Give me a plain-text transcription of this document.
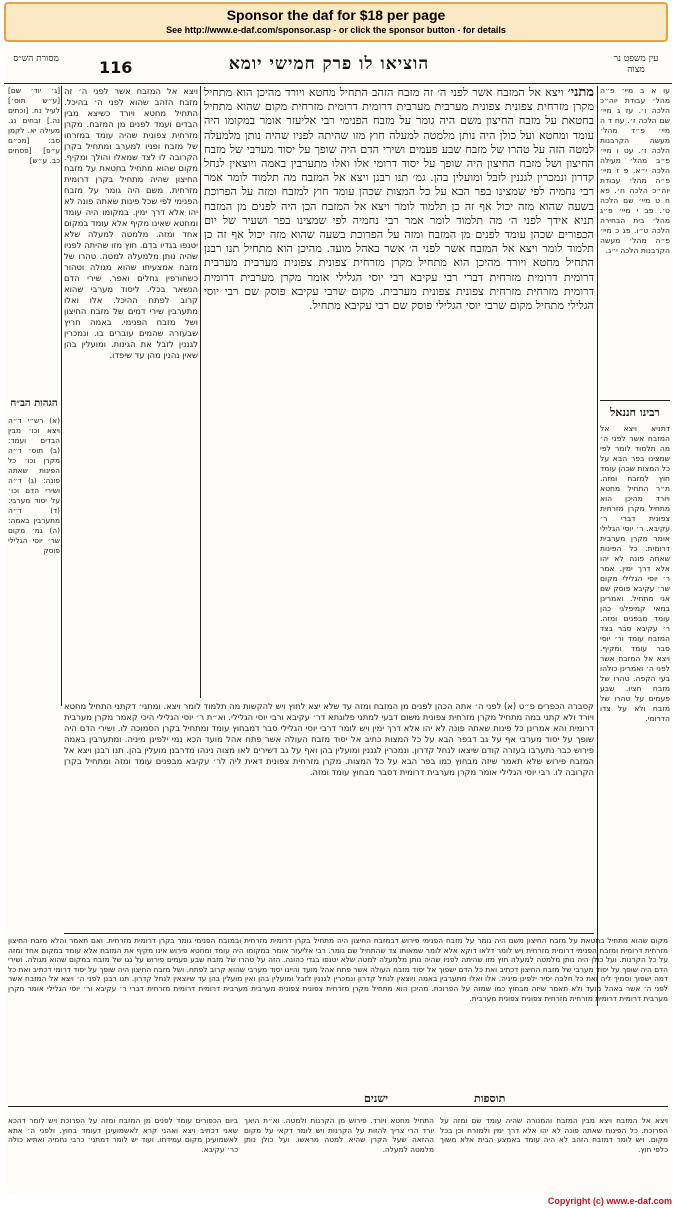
Sponsor the daf for $18 per page
See http://www.e-daf.com/sponsor.asp - or click the sponsor button - for details
מסורת הש״ס	116	הוציאו לו פרק חמישי יומא	עין משפט נר מצוה

עו א ב מיי׳ פ״ה מהל׳ עבודת יוה״כ הלכה ו׳. עז ג מיי׳ שם הלכה ז׳. עח ד ה מיי׳ פ״ד מהל׳ מעשה הקרבנות הלכה ז׳. עט ו מיי׳ פ״ב מהל׳ מעילה הלכה י״א. פ ז מיי׳ פ״ה מהל׳ עבודת יוה״כ הלכה ח׳. פא ח ט מיי׳ שם הלכה ט׳. פב י מיי׳ פ״ג מהל׳ בית הבחירה הלכה ט״ו. פג כ מיי׳ פ״ה מהל׳ מעשה הקרבנות הלכה י״ג.

רבינו חננאל

דתניא ויצא אל המזבח אשר לפני ה׳ מה תלמוד לומר לפי שמצינו בפר הבא על כל המצות שכהן עומד חוץ למזבח ומזה. ת״ר התחיל מחטא ויורד מהיכן הוא מתחיל מקרן מזרחית צפונית דברי ר׳ עקיבא. ר׳ יוסי הגלילי אומר מקרן מערבית דרומית. כל הפינות שאתה פונה לא יהו אלא דרך ימין. אמר ר׳ יוסי הגלילי מקום שר׳ עקיבא פוסק שם אני מתחיל. ואמרינן במאי קמיפלגי כהן עומד מבפנים ומזה. ר׳ עקיבא סבר בצד המזבח עומד ור׳ יוסי סבר עומד ומקיף. ויצא אל המזבח אשר לפני ה׳ ואמרינן כולהו בעי הקפה. טהרו של מזבח חציו. שבע פעמים על טהרו של מזבח ולא על צדו הדרומי.

מתני׳ ויצא אל המזבח אשר לפני ה׳ זה מזבח הזהב התחיל מחטא ויורד מהיכן הוא מתחיל מקרן מזרחית צפונית צפונית מערבית מערבית דרומית דרומית מזרחית מקום שהוא מתחיל בחטאת על מזבח החיצון משם היה גומר על מזבח הפנימי רבי אליעזר אומר במקומו היה עומד ומחטא ועל כולן היה נותן מלמטה למעלה חוץ מזו שהיתה לפניו שהיה נותן מלמעלה למטה הזה על טהרו של מזבח שבע פעמים ושירי הדם היה שופך על יסוד מערבי של מזבח החיצון ושל מזבח החיצון היה שופך על יסוד דרומי אלו ואלו מתערבין באמה ויוצאין לנחל קדרון ונמכרין לגננין לזבל ומועלין בהן. גמ׳ תנו רבנן ויצא אל המזבח מה תלמוד לומר אמר רבי נחמיה לפי שמצינו בפר הבא על כל המצות שכהן עומד חוץ למזבח ומזה על הפרוכת בשעה שהוא מזה יכול אף זה כן תלמוד לומר ויצא אל המזבח הכן היה לפנים מן המזבח תניא אידך לפני ה׳ מה תלמוד לומר אמר רבי נחמיה לפי שמצינו בפר ושעיר של יום הכפורים שכהן עומד לפנים מן המזבח ומזה על הפרוכת בשעה שהוא מזה יכול אף זה כן תלמוד לומר ויצא אל המזבח אשר לפני ה׳ אשר באהל מועד. מהיכן הוא מתחיל תנו רבנן התחיל מחטא ויורד מהיכן הוא מתחיל מקרן מזרחית צפונית צפונית מערבית מערבית דרומית דרומית מזרחית דברי רבי עקיבא רבי יוסי הגלילי אומר מקרן מערבית דרומית דרומית מזרחית מזרחית צפונית צפונית מערבית. מקום שרבי עקיבא פוסק שם רבי יוסי הגלילי מתחיל מקום שרבי יוסי הגלילי פוסק שם רבי עקיבא מתחיל.

ויצא אל המזבח אשר לפני ה׳ זה מזבח הזהב שהוא לפני ה׳ בהיכל. התחיל מחטא ויורד כשיצא מבין הבדים ועמד לפנים מן המזבח. מקרן מזרחית צפונית שהיה עומד במזרחו של מזבח ופניו למערב ומתחיל בקרן הקרובה לו לצד שמאלו והולך ומקיף. מקום שהוא מתחיל בחטאת על מזבח החיצון שהיה מתחיל בקרן דרומית מזרחית. משם היה גומר על מזבח הפנימי לפי שכל פינות שאתה פונה לא יהו אלא דרך ימין. במקומו היה עומד ומחטא שאינו מקיף אלא עומד במקום אחד ומזה. מלמטה למעלה שלא יטנפו בגדיו בדם. חוץ מזו שהיתה לפניו שהיה נותן מלמעלה למטה. טהרו של מזבח אמצעיתו שהוא מגולה וטהור כשחורפין גחלים ואפר. שירי הדם הנשאר בכלי. ליסוד מערבי שהוא קרוב לפתח ההיכל. אלו ואלו מתערבין שירי דמים של מזבח החיצון ושל מזבח הפנימי. באמה חריץ שבעזרה שהמים עוברים בו. ונמכרין לגננין לזבל את הגינות. ומועלין בהן שאין נהנין מהן עד שיפדו.

[ג׳ יוד׳ שם] [ע״ש תוס׳] לעיל נח. [וכתים נה.] זבחים נג. מעילה יא. לקמן סב: [מכ״ם ע״פ] [פסחים כב. ע״ש]

הגהות הב״ח

(א) רש״י ד״ה ויצא וכו׳ מבין הבדים ועמד: (ב) תוס׳ ד״ה מקרן וכו׳ כל הפינות שאתה פונה: (ג) ד״ה ושירי הדם וכו׳ על יסוד מערבי: (ד) ד״ה מתערבין באמה: (ה) גמ׳ מקום שר׳ יוסי הגלילי פוסק

קסברה הכפרים פ״ט (א) לפני ה׳ אתה הכהן לפנים מן המזבח ומזה עד שלא יצא לחוץ ויש להקשות מה תלמוד לומר ויצא. ומתני׳ דקתני התחיל מחטא ויורד ולא קתני במה מתחיל מקרן מזרחית צפונית משום דבעי למתני פלוגתא דר׳ עקיבא ורבי יוסי הגלילי. וא״ת ר׳ יוסי הגלילי היכי קאמר מקרן מערבית דרומית והא אמרינן כל פינות שאתה פונה לא יהו אלא דרך ימין ויש לומר דרבי יוסי הגלילי סבר דמבחוץ עומד ומתחיל בקרן הסמוכה לו. ושירי הדם היה שופך על יסוד מערבי אף על גב דבפר הבא על כל המצות כתיב אל יסוד מזבח העולה אשר פתח אהל מועד הכא נמי ילפינן מיניה. ומתערבין באמה פירוש כבר נתערבו בעזרה קודם שיצאו לנחל קדרון. ונמכרין לגננין ומועלין בהן ואף על גב דשירים לאו מצוה נינהו מדרבנן מועלין בהן. תנו רבנן ויצא אל המזבח פירוש שלא תאמר שיזה מבחוץ כמו בפר הבא על כל המצות. מקרן מזרחית צפונית דאית ליה לר׳ עקיבא מבפנים עומד ומזה ומתחיל בקרן הקרובה לו. רבי יוסי הגלילי אומר מקרן מערבית דרומית דסבר מבחוץ עומד ומזה.

מקום שהוא מתחיל בחטאת על מזבח החיצון משם היה גומר על מזבח הפנימי פירוש דבמזבח החיצון היה מתחיל בקרן דרומית מזרחית ובמזבח הפנימי גומר בקרן דרומית מזרחית. ואם תאמר והלא מזבח החיצון מזרחית דרומית ומזבח הפנימי דרומית מזרחית ויש לומר דלאו דוקא אלא לומר שמאותו צד שהתחיל שם גומר. רבי אליעזר אומר במקומו היה עומד ומחטא פירוש אינו מקיף את המזבח אלא עומד במקום אחד ומזה על כל הקרנות. ועל כולן היה נותן מלמטה למעלה חוץ מזו שהיתה לפניו שהיה נותן מלמעלה למטה שלא יטנפו בגדי כהונה. הזה על טהרו של מזבח שבע פעמים פירוש על גגו של מזבח במקום שהוא מגולה. ושירי הדם היה שופך על יסוד מערבי של מזבח החיצון דכתיב ואת כל הדם ישפוך אל יסוד מזבח העולה אשר פתח אהל מועד והיינו יסוד מערבי שהוא קרוב לפתח. ושל מזבח החיצון היה שופך על יסוד דרומי דכתיב ואת כל דמה ישפוך וסמיך ליה ואת כל חלבה יסיר ילפינן מיניה. אלו ואלו מתערבין באמה ויוצאין לנחל קדרון ונמכרין לגננין לזבל ומועלין בהן ואין מועלין בהן עד שיוצאין לנחל קדרון. תנו רבנן לפני ה׳ ויצא אל המזבח אשר לפני ה׳ אשר באהל מועד ולא תאמר שיזה מבחוץ כמו שמזה על הפרוכת. מהיכן הוא מתחיל מקרן מזרחית צפונית צפונית מערבית מערבית דרומית דרומית מזרחית דברי ר׳ עקיבא ור׳ יוסי הגלילי אומר מקרן מערבית דרומית דרומית מזרחית מזרחית צפונית צפונית מערבית.

תוספות
ישנים

ביום הכפורים עומד לפנים מן המזבח ומזה על הפרוכת ויש לומר דהכא שאני דכתיב ויצא ואהני קרא לאשמועינן דעומד בחוץ. ולפני ה׳ אתא לאשמועינן מקום עמידתו. ועוד יש לומר דמתני׳ כרבי נחמיה ואתיא כולה כר׳ עקיבא.

התחיל מחטא ויורד. פירוש מן הקרנות ולמטה. וא״ת היאך יורד הרי צריך להזות על הקרנות ויש לומר דקאי על מקום ההזאה שעל הקרן שהיא למטה מראשו. ועל כולן נותן מלמטה למעלה.

ויצא אל המזבח ויצא מבין המזבח והמנורה שהיה עומד שם ומזה על הפרוכת. כל הפינות שאתה פונה לא יהו אלא דרך ימין ולמזרח וכן בכל מקום. ויש לומר דמזבח הזהב לא היה עומד באמצע הבית אלא משוך כלפי חוץ.

Copyright (c) www.e-daf.com
